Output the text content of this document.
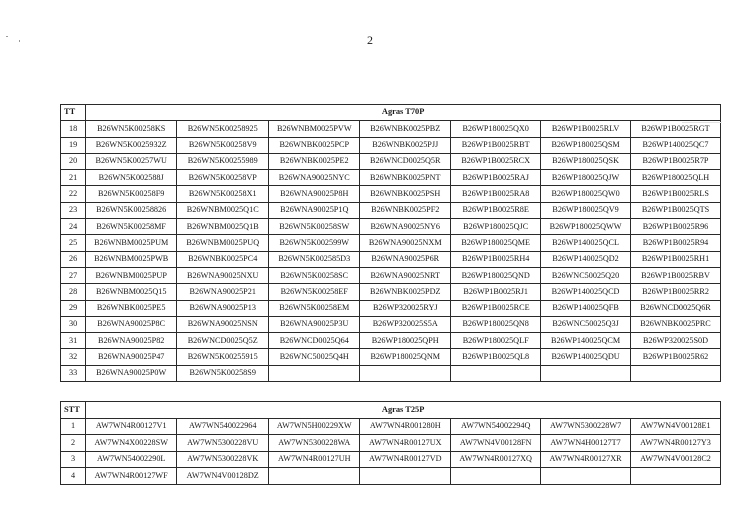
2
TT	Agras T70P						
18	B26WN5K00258KS	B26WN5K00258925	B26WNBM0025PVW	B26WNBK0025PBZ	B26WP180025QX0	B26WP1B0025RLV	B26WP1B0025RGT
19	B26WN5K0025932Z	B26WN5K00258V9	B26WNBK0025PCP	B26WNBK0025PJJ	B26WP1B0025RBT	B26WP180025QSM	B26WP140025QC7
20	B26WN5K00257WU	B26WN5K00255989	B26WNBK0025PE2	B26WNCD0025Q5R	B26WP1B0025RCX	B26WP180025QSK	B26WP1B0025R7P
21	B26WN5K002588J	B26WN5K00258VP	B26WNA90025NYC	B26WNBK0025PNT	B26WP1B0025RAJ	B26WP180025QJW	B26WP180025QLH
22	B26WN5K00258F9	B26WN5K00258X1	B26WNA90025P8H	B26WNBK0025PSH	B26WP1B0025RA8	B26WP180025QW0	B26WP1B0025RLS
23	B26WN5K00258826	B26WNBM0025Q1C	B26WNA90025P1Q	B26WNBK0025PF2	B26WP1B0025R8E	B26WP180025QV9	B26WP1B0025QTS
24	B26WN5K00258MF	B26WNBM0025Q1B	B26WN5K00258SW	B26WNA90025NY6	B26WP180025QJC	B26WP180025QWW	B26WP1B0025R96
25	B26WNBM0025PUM	B26WNBM0025PUQ	B26WN5K002599W	B26WNA90025NXM	B26WP180025QME	B26WP140025QCL	B26WP1B0025R94
26	B26WNBM0025PWB	B26WNBK0025PC4	B26WN5K002585D3	B26WNA90025P6R	B26WP1B0025RH4	B26WP140025QD2	B26WP1B0025RH1
27	B26WNBM0025PUP	B26WNA90025NXU	B26WN5K00258SC	B26WNA90025NRT	B26WP180025QND	B26WNC50025Q20	B26WP1B0025RBV
28	B26WNBM0025Q15	B26WNA90025P21	B26WN5K00258EF	B26WNBK0025PDZ	B26WP1B0025RJ1	B26WP140025QCD	B26WP1B0025RR2
29	B26WNBK0025PE5	B26WNA90025P13	B26WN5K00258EM	B26WP320025RYJ	B26WP1B0025RCE	B26WP140025QFB	B26WNCD0025Q6R
30	B26WNA90025P8C	B26WNA90025NSN	B26WNA90025P3U	B26WP320025S5A	B26WP180025QN8	B26WNC50025Q3J	B26WNBK0025PRC
31	B26WNA90025P82	B26WNCD0025Q5Z	B26WNCD0025Q64	B26WP180025QPH	B26WP180025QLF	B26WP140025QCM	B26WP320025S0D
32	B26WNA90025P47	B26WN5K00255915	B26WNC50025Q4H	B26WP180025QNM	B26WP1B0025QL8	B26WP140025QDU	B26WP1B0025R62
33	B26WNA90025P0W	B26WN5K00258S9					
STT	Agras T25P						
1	AW7WN4R00127V1	AW7WN540022964	AW7WN5H00229XW	AW7WN4R001280H	AW7WN54002294Q	AW7WN5300228W7	AW7WN4V00128E1
2	AW7WN4X00228SW	AW7WN5300228VU	AW7WN5300228WA	AW7WN4R00127UX	AW7WN4V00128FN	AW7WN4H00127T7	AW7WN4R00127Y3
3	AW7WN54002290L	AW7WN5300228VK	AW7WN4R00127UH	AW7WN4R00127VD	AW7WN4R00127XQ	AW7WN4R00127XR	AW7WN4V00128C2
4	AW7WN4R00127WF	AW7WN4V00128DZ					
